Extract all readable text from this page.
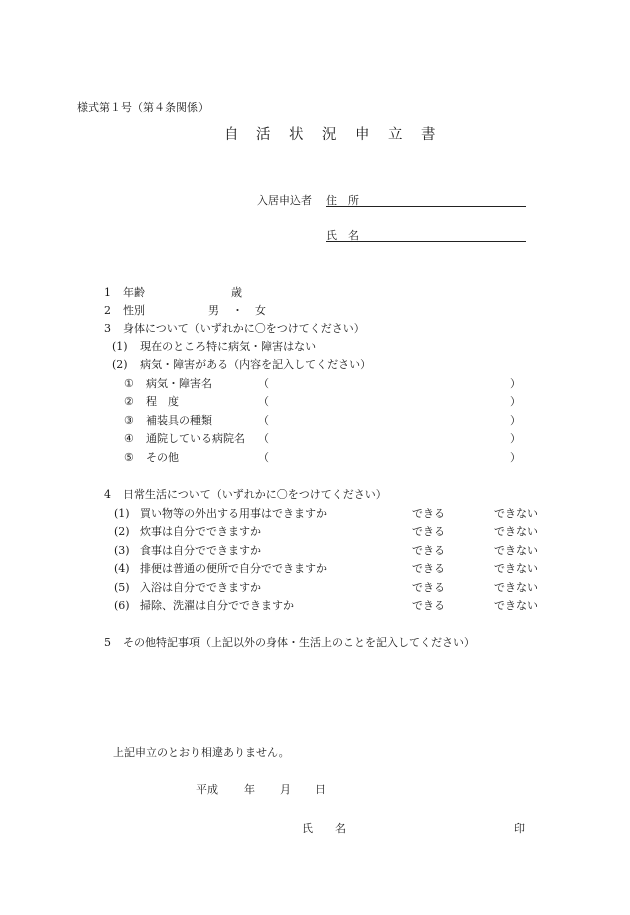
様式第１号（第４条関係）
自 活 状 況 申 立 書
入居申込者 住　所
氏　名
1 年齢	歳
2 性別	男 ・ 女
3 身体について（いずれかに〇をつけてください）
(1) 現在のところ特に病気・障害はない
(2) 病気・障害がある（内容を記入してください）
① 病気・障害名	（	）
② 程　度	（	）
③ 補装具の種類	（	）
④ 通院している病院名 （	）
⑤ その他	（	）
4 日常生活について（いずれかに〇をつけてください）
(1) 買い物等の外出する用事はできますか	できる	できない
(2) 炊事は自分でできますか	できる	できない
(3) 食事は自分でできますか	できる	できない
(4) 排便は普通の便所で自分でできますか	できる	できない
(5) 入浴は自分でできますか	できる	できない
(6) 掃除、洗濯は自分でできますか	できる	できない
5 その他特記事項（上記以外の身体・生活上のことを記入してください）
上記申立のとおり相違ありません。
平成 年 月 日
氏　　名	印
